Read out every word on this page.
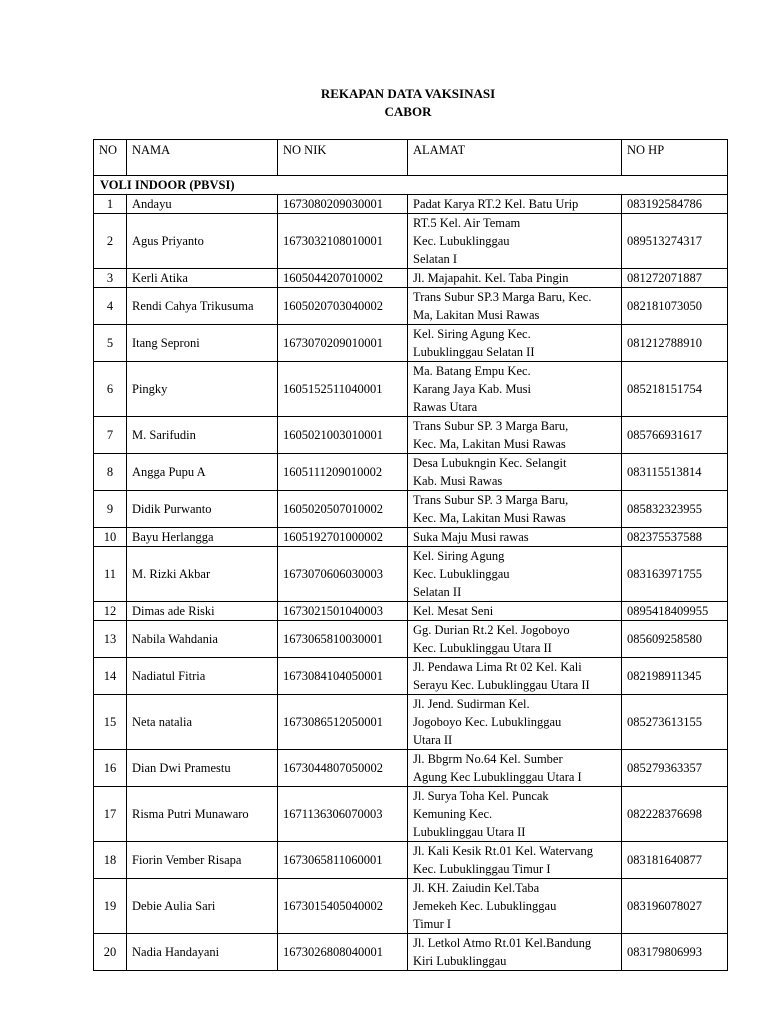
REKAPAN DATA VAKSINASI
CABOR
NO	NAMA	NO NIK	ALAMAT	NO HP
VOLI INDOOR (PBVSI)				
1	Andayu	1673080209030001	Padat Karya RT.2 Kel. Batu Urip	083192584786
2	Agus Priyanto	1673032108010001	RT.5 Kel. Air Temam
Kec. Lubuklinggau
Selatan I	089513274317
3	Kerli Atika	1605044207010002	Jl. Majapahit. Kel. Taba Pingin	081272071887
4	Rendi Cahya Trikusuma	1605020703040002	Trans Subur SP.3 Marga Baru, Kec.
Ma, Lakitan Musi Rawas	082181073050
5	Itang Seproni	1673070209010001	Kel. Siring Agung Kec.
Lubuklinggau Selatan II	081212788910
6	Pingky	1605152511040001	Ma. Batang Empu Kec.
Karang Jaya Kab. Musi
Rawas Utara	085218151754
7	M. Sarifudin	1605021003010001	Trans Subur SP. 3 Marga Baru,
Kec. Ma, Lakitan Musi Rawas	085766931617
8	Angga Pupu A	1605111209010002	Desa Lubukngin Kec. Selangit
Kab. Musi Rawas	083115513814
9	Didik Purwanto	1605020507010002	Trans Subur SP. 3 Marga Baru,
Kec. Ma, Lakitan Musi Rawas	085832323955
10	Bayu Herlangga	1605192701000002	Suka Maju Musi rawas	082375537588
11	M. Rizki Akbar	1673070606030003	Kel. Siring Agung
Kec. Lubuklinggau
Selatan II	083163971755
12	Dimas ade Riski	1673021501040003	Kel. Mesat Seni	0895418409955
13	Nabila Wahdania	1673065810030001	Gg. Durian Rt.2 Kel. Jogoboyo
Kec. Lubuklinggau Utara II	085609258580
14	Nadiatul Fitria	1673084104050001	Jl. Pendawa Lima Rt 02 Kel. Kali
Serayu Kec. Lubuklinggau Utara II	082198911345
15	Neta natalia	1673086512050001	Jl. Jend. Sudirman Kel.
Jogoboyo Kec. Lubuklinggau
Utara II	085273613155
16	Dian Dwi Pramestu	1673044807050002	Jl. Bbgrm No.64 Kel. Sumber
Agung Kec Lubuklinggau Utara I	085279363357
17	Risma Putri Munawaro	1671136306070003	Jl. Surya Toha Kel. Puncak
Kemuning Kec.
Lubuklinggau Utara II	082228376698
18	Fiorin Vember Risapa	1673065811060001	Jl. Kali Kesik Rt.01 Kel. Watervang
Kec. Lubuklinggau Timur I	083181640877
19	Debie Aulia Sari	1673015405040002	Jl. KH. Zaiudin Kel.Taba
Jemekeh Kec. Lubuklinggau
Timur I	083196078027
20	Nadia Handayani	1673026808040001	Jl. Letkol Atmo Rt.01 Kel.Bandung
Kiri Lubuklinggau	083179806993
